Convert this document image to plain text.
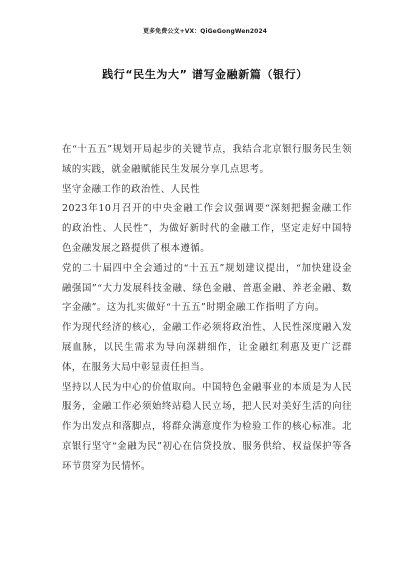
更多免费公文+VX：QiGeGongWen2024
践行“民生为大” 谱写金融新篇（银行）

在“十五五”规划开局起步的关键节点，我结合北京银行服务民生领域的实践，就金融赋能民生发展分享几点思考。

坚守金融工作的政治性、人民性

2023年10月召开的中央金融工作会议强调要“深刻把握金融工作的政治性、人民性”，为做好新时代的金融工作，坚定走好中国特色金融发展之路提供了根本遵循。

党的二十届四中全会通过的“十五五”规划建议提出，“加快建设金融强国”“大力发展科技金融、绿色金融、普惠金融、养老金融、数字金融”。这为扎实做好“十五五”时期金融工作指明了方向。

作为现代经济的核心，金融工作必须将政治性、人民性深度融入发展血脉，以民生需求为导向深耕细作，让金融红利惠及更广泛群体，在服务大局中彰显责任担当。

坚持以人民为中心的价值取向。中国特色金融事业的本质是为人民服务，金融工作必须始终站稳人民立场，把人民对美好生活的向往作为出发点和落脚点，将群众满意度作为检验工作的核心标准。北京银行坚守“金融为民”初心在信贷投放、服务供给、权益保护等各环节贯穿为民情怀。
